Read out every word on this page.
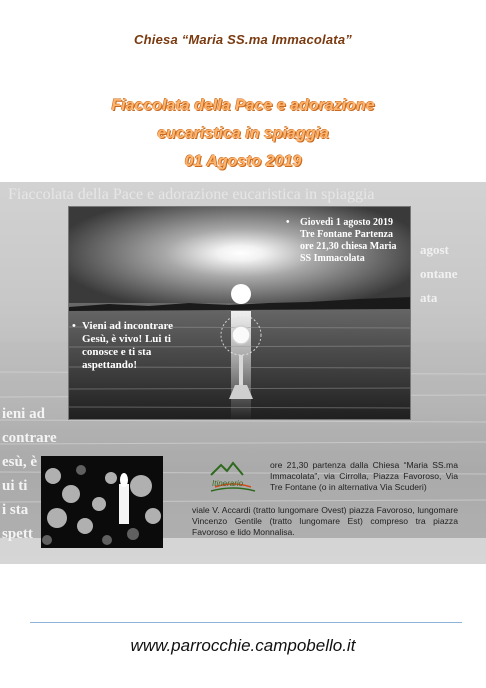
Chiesa “Maria SS.ma Immacolata”
Fiaccolata della Pace e adorazione
eucaristica in spiaggia
01 Agosto 2019
Fiaccolata della Pace e adorazione eucaristica in spiaggia
ieni ad
contrare
esù, è
ui ti
i sta
spett
agost
ontane
ata
• Giovedì 1 agosto 2019 Tre Fontane Partenza ore 21,30 chiesa Maria SS Immacolata
• Vieni ad incontrare Gesù, è vivo! Lui ti conosce e ti sta aspettando!
Itinerario
ore 21,30 partenza dalla Chiesa “Maria SS.ma Immacolata”, via Cirrolla, Piazza Favoroso, Via Tre Fontane (o in alternativa Via Scuderi)
viale V. Accardi (tratto lungomare Ovest) piazza Favoroso, lungomare Vincenzo Gentile (tratto lungomare Est) compreso tra piazza Favoroso e lido Monnalisa.
www.parrocchie.campobello.it
